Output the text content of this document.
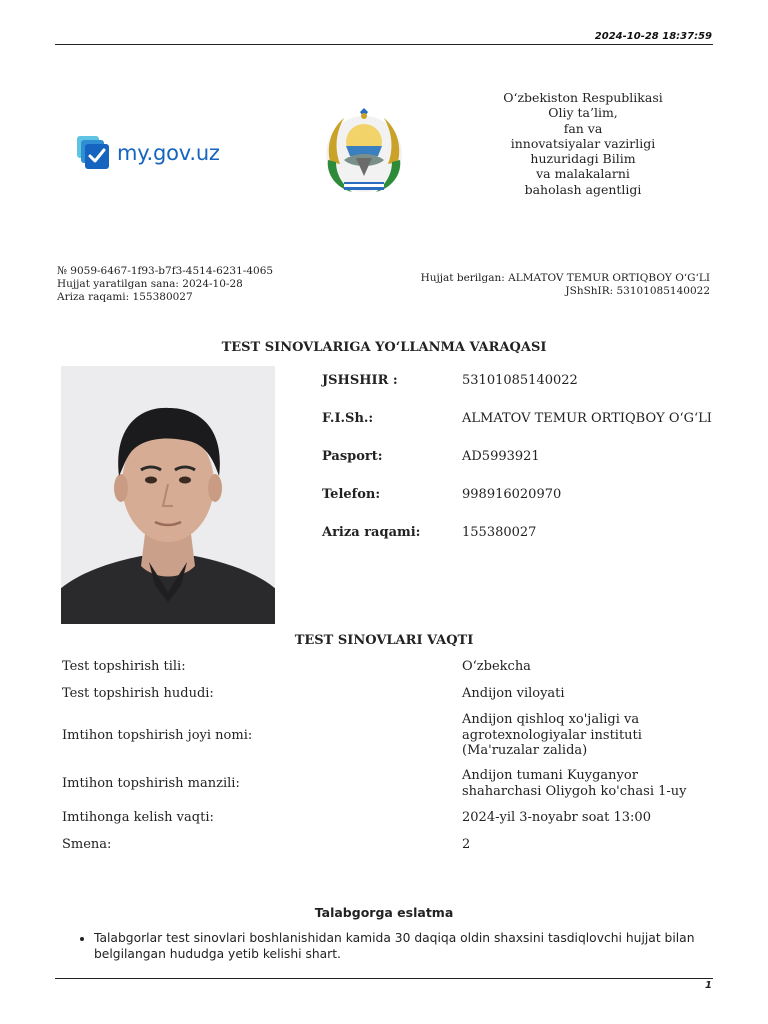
2024-10-28 18:37:59
my.gov.uz
O‘zbekiston Respublikasi
Oliy ta’lim,
fan va
innovatsiyalar vazirligi
huzuridagi Bilim
va malakalarni
baholash agentligi
№ 9059-6467-1f93-b7f3-4514-6231-4065
Hujjat yaratilgan sana: 2024-10-28
Ariza raqami: 155380027
Hujjat berilgan: ALMATOV TEMUR ORTIQBOY O‘G‘LI
JShShIR: 53101085140022
TEST SINOVLARIGA YO‘LLANMA VARAQASI
JSHSHIR :	53101085140022
F.I.Sh.:	ALMATOV TEMUR ORTIQBOY O‘G‘LI
Pasport:	AD5993921
Telefon:	998916020970
Ariza raqami:	155380027
TEST SINOVLARI VAQTI
Test topshirish tili:	O‘zbekcha
Test topshirish hududi:	Andijon viloyati
Imtihon topshirish joyi nomi:
Andijon qishloq xo'jaligi va
agrotexnologiyalar instituti
(Ma'ruzalar zalida)
Imtihon topshirish manzili:
Andijon tumani Kuyganyor
shaharchasi Oliygoh ko'chasi 1-uy
Imtihonga kelish vaqti:	2024-yil 3-noyabr soat 13:00
Smena:	2
Talabgorga eslatma
• Talabgorlar test sinovlari boshlanishidan kamida 30 daqiqa oldin shaxsini tasdiqlovchi hujjat bilan belgilangan hududga yetib kelishi shart.
1
